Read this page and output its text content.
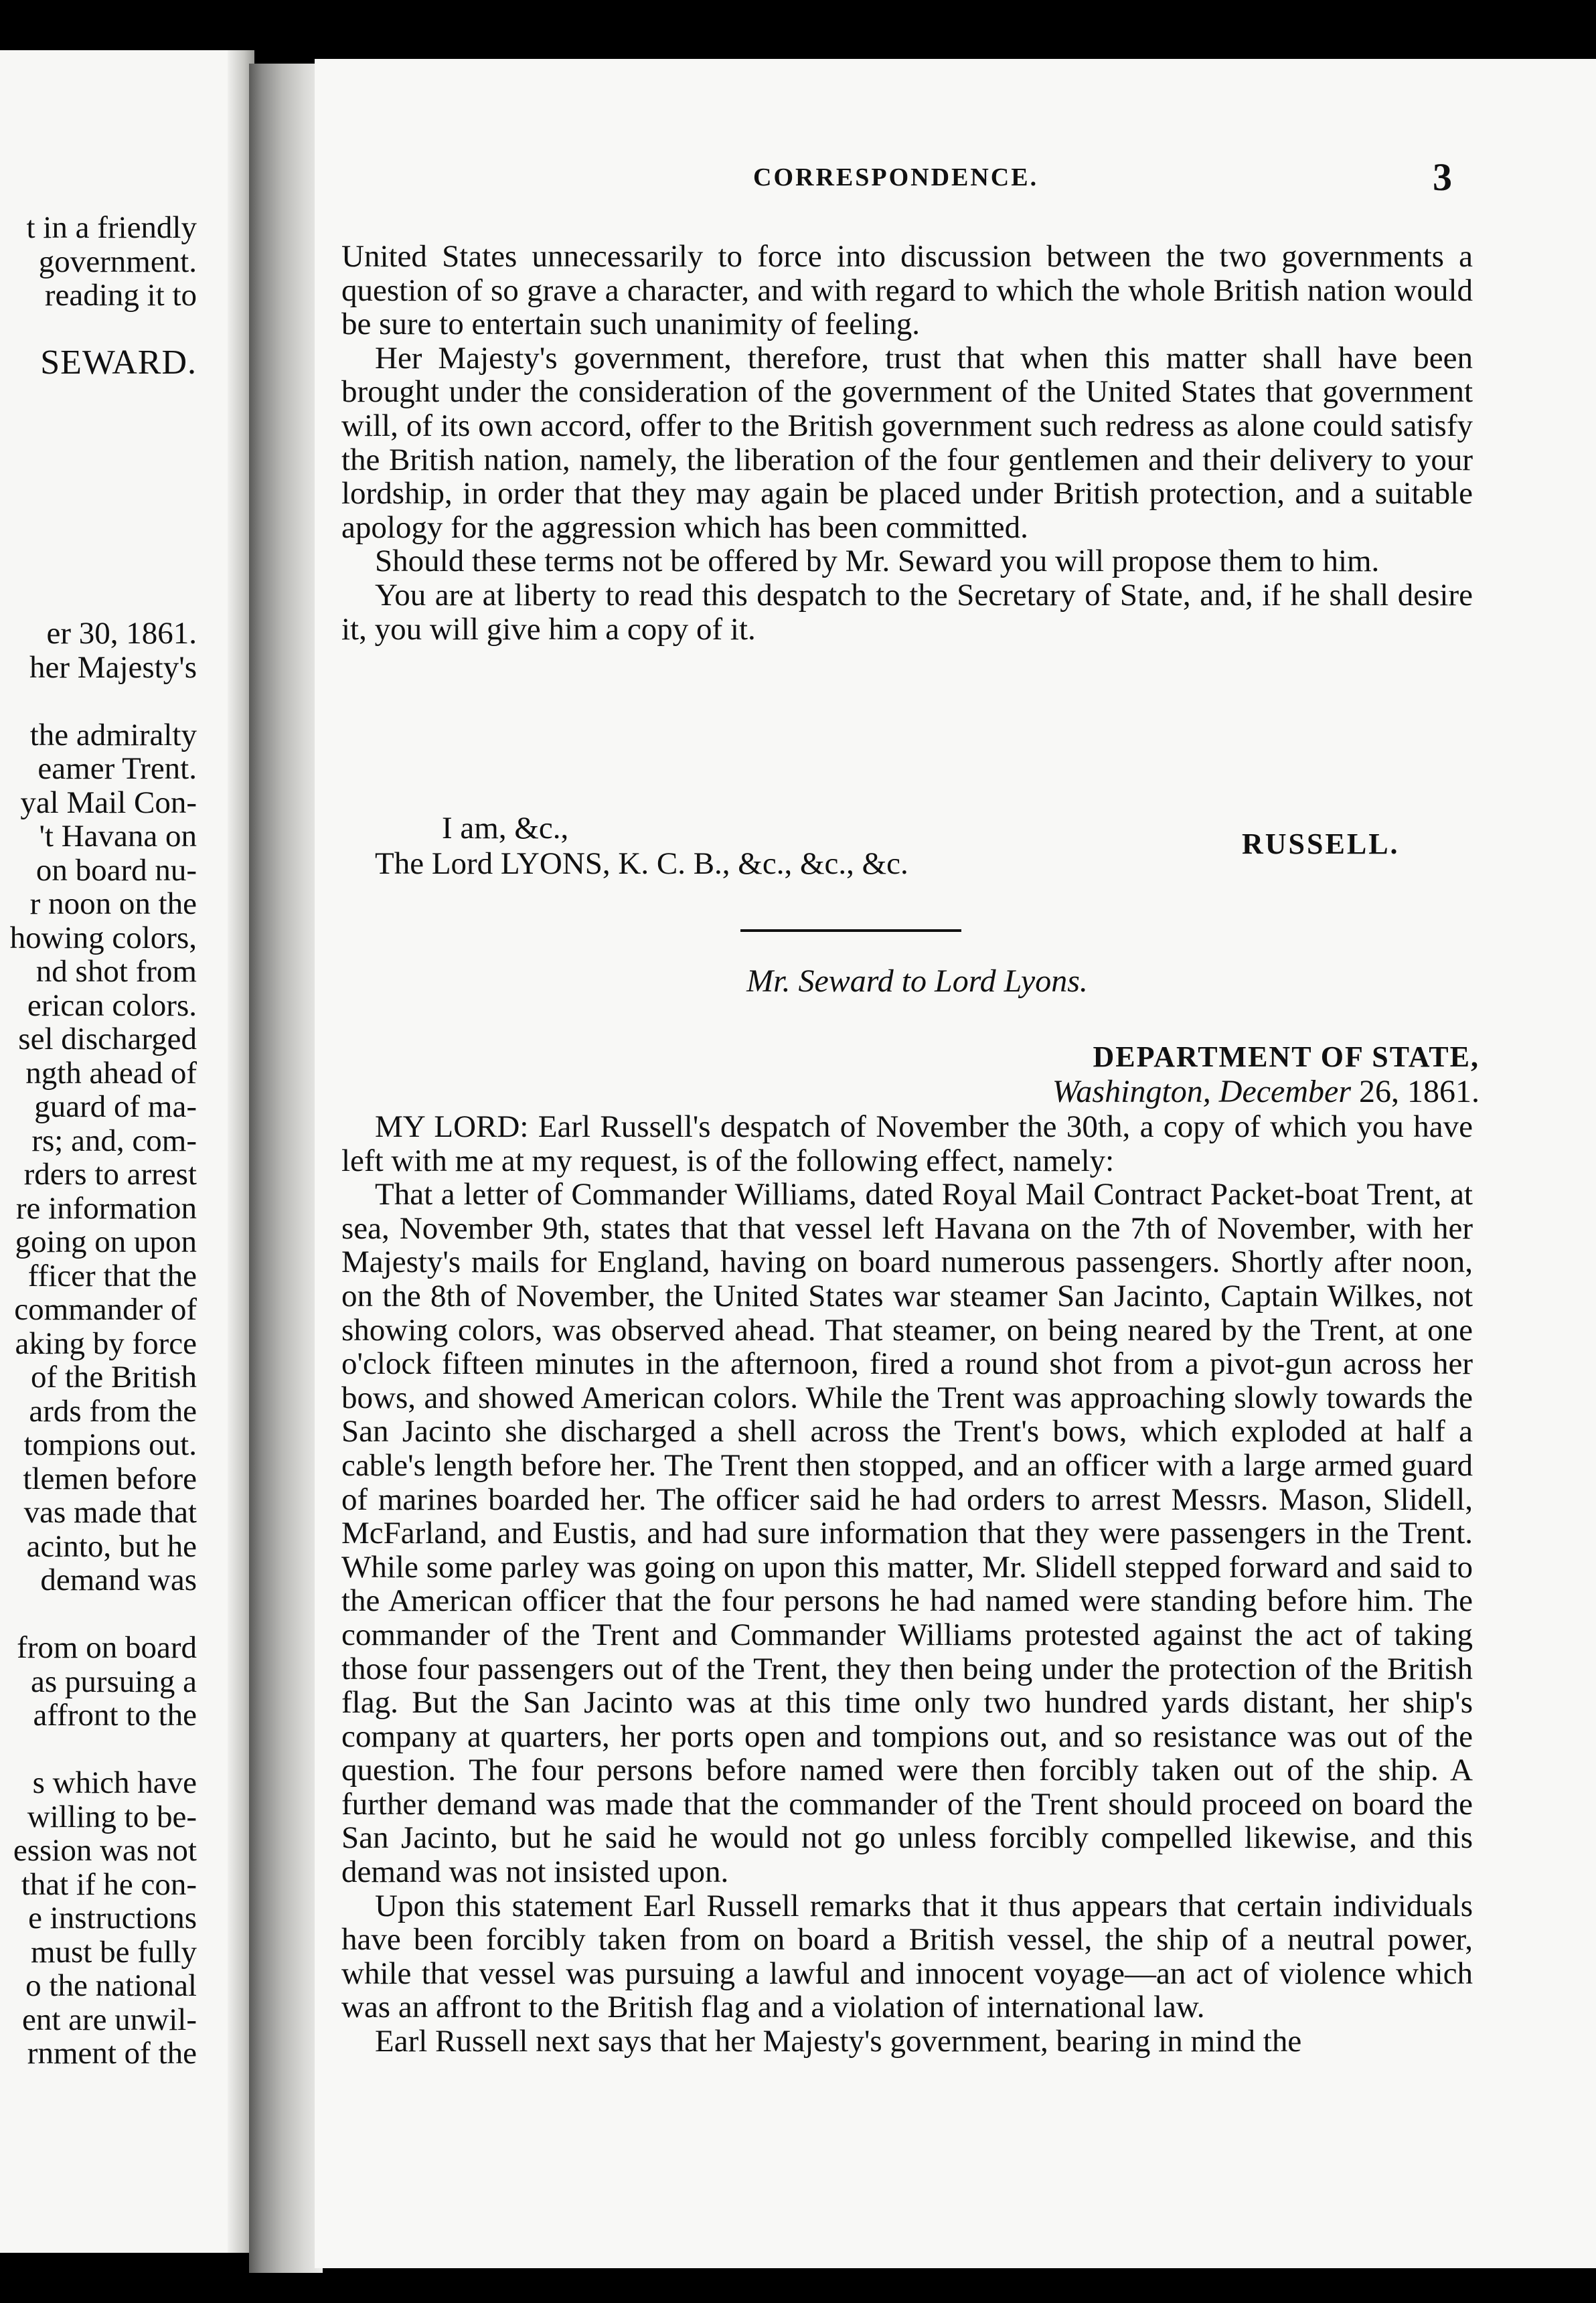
t in a friendly
government.
reading it to

SEWARD.

er 30, 1861.
her Majesty's

the admiralty
eamer Trent.
yal Mail Con-
't Havana on
on board nu-
r noon on the
howing colors,
nd shot from
erican colors.
sel discharged
ngth ahead of
guard of ma-
rs; and, com-
rders to arrest
re information
going on upon
fficer that the
commander of
aking by force
of the British
ards from the
tompions out.
tlemen before
vas made that
acinto, but he
demand was

from on board
as pursuing a
affront to the

s which have
willing to be-
ession was not
that if he con-
e instructions
must be fully
o the national
ent are unwil-
rnment of the
CORRESPONDENCE.	3

United States unnecessarily to force into discussion between the two governments a question of so grave a character, and with regard to which the whole British nation would be sure to entertain such unanimity of feeling.

Her Majesty's government, therefore, trust that when this matter shall have been brought under the consideration of the government of the United States that government will, of its own accord, offer to the British government such redress as alone could satisfy the British nation, namely, the liberation of the four gentlemen and their delivery to your lordship, in order that they may again be placed under British protection, and a suitable apology for the aggression which has been committed.

Should these terms not be offered by Mr. Seward you will propose them to him.

You are at liberty to read this despatch to the Secretary of State, and, if he shall desire it, you will give him a copy of it.

I am, &c.,	RUSSELL.
The Lord LYONS, K. C. B., &c., &c., &c.
Mr. Seward to Lord Lyons.
DEPARTMENT OF STATE,
Washington, December 26, 1861.

MY LORD: Earl Russell's despatch of November the 30th, a copy of which you have left with me at my request, is of the following effect, namely:

That a letter of Commander Williams, dated Royal Mail Contract Packet-boat Trent, at sea, November 9th, states that that vessel left Havana on the 7th of November, with her Majesty's mails for England, having on board numerous passengers. Shortly after noon, on the 8th of November, the United States war steamer San Jacinto, Captain Wilkes, not showing colors, was observed ahead. That steamer, on being neared by the Trent, at one o'clock fifteen minutes in the afternoon, fired a round shot from a pivot-gun across her bows, and showed American colors. While the Trent was approaching slowly towards the San Jacinto she discharged a shell across the Trent's bows, which exploded at half a cable's length before her. The Trent then stopped, and an officer with a large armed guard of marines boarded her. The officer said he had orders to arrest Messrs. Mason, Slidell, McFarland, and Eustis, and had sure information that they were passengers in the Trent. While some parley was going on upon this matter, Mr. Slidell stepped forward and said to the American officer that the four persons he had named were standing before him. The commander of the Trent and Commander Williams protested against the act of taking those four passengers out of the Trent, they then being under the protection of the British flag. But the San Jacinto was at this time only two hundred yards distant, her ship's company at quarters, her ports open and tompions out, and so resistance was out of the question. The four persons before named were then forcibly taken out of the ship. A further demand was made that the commander of the Trent should proceed on board the San Jacinto, but he said he would not go unless forcibly compelled likewise, and this demand was not insisted upon.

Upon this statement Earl Russell remarks that it thus appears that certain individuals have been forcibly taken from on board a British vessel, the ship of a neutral power, while that vessel was pursuing a lawful and innocent voyage—an act of violence which was an affront to the British flag and a violation of international law.

Earl Russell next says that her Majesty's government, bearing in mind the
